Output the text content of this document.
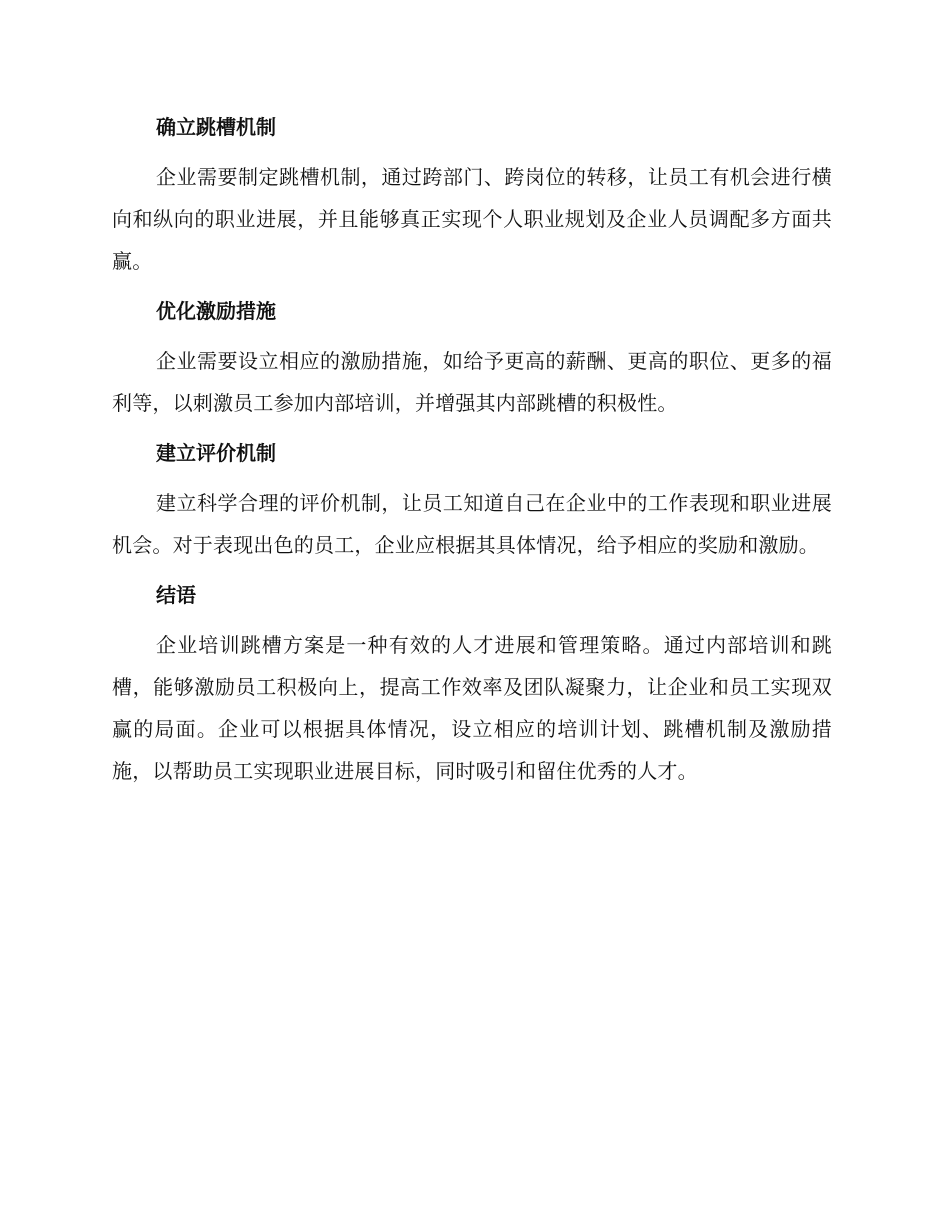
确立跳槽机制

企业需要制定跳槽机制，通过跨部门、跨岗位的转移，让员工有机会进行横向和纵向的职业进展，并且能够真正实现个人职业规划及企业人员调配多方面共赢。

优化激励措施

企业需要设立相应的激励措施，如给予更高的薪酬、更高的职位、更多的福利等，以刺激员工参加内部培训，并增强其内部跳槽的积极性。

建立评价机制

建立科学合理的评价机制，让员工知道自己在企业中的工作表现和职业进展机会。对于表现出色的员工，企业应根据其具体情况，给予相应的奖励和激励。

结语

企业培训跳槽方案是一种有效的人才进展和管理策略。通过内部培训和跳槽，能够激励员工积极向上，提高工作效率及团队凝聚力，让企业和员工实现双赢的局面。企业可以根据具体情况，设立相应的培训计划、跳槽机制及激励措施，以帮助员工实现职业进展目标，同时吸引和留住优秀的人才。
